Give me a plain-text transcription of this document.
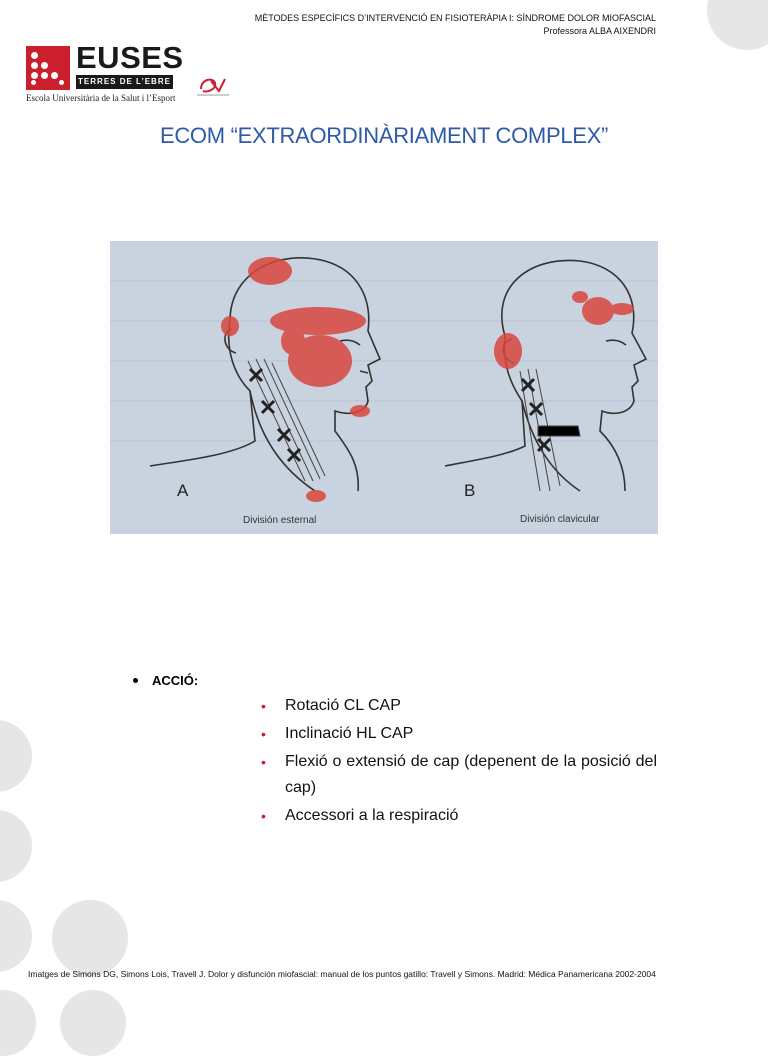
MÈTODES ESPECÍFICS D’INTERVENCIÓ EN FISIOTERÀPIA I: SÍNDROME DOLOR MIOFASCIAL
Professora ALBA AIXENDRI
EUSES
TERRES DE L’EBRE
Escola Universitària de la Salut i l’Esport
ECOM “EXTRAORDINÀRIAMENT COMPLEX”
A
División esternal
B
División clavicular
ACCIÓ:
• Rotació CL CAP
• Inclinació HL CAP
• Flexió o extensió de cap (depenent de la posició del cap)
• Accessori a la respiració
Imatges de Simons DG, Simons Lois, Travell J. Dolor y disfunción miofascial: manual de los puntos gatillo: Travell y Simons. Madrid: Médica Panamericana 2002-2004
